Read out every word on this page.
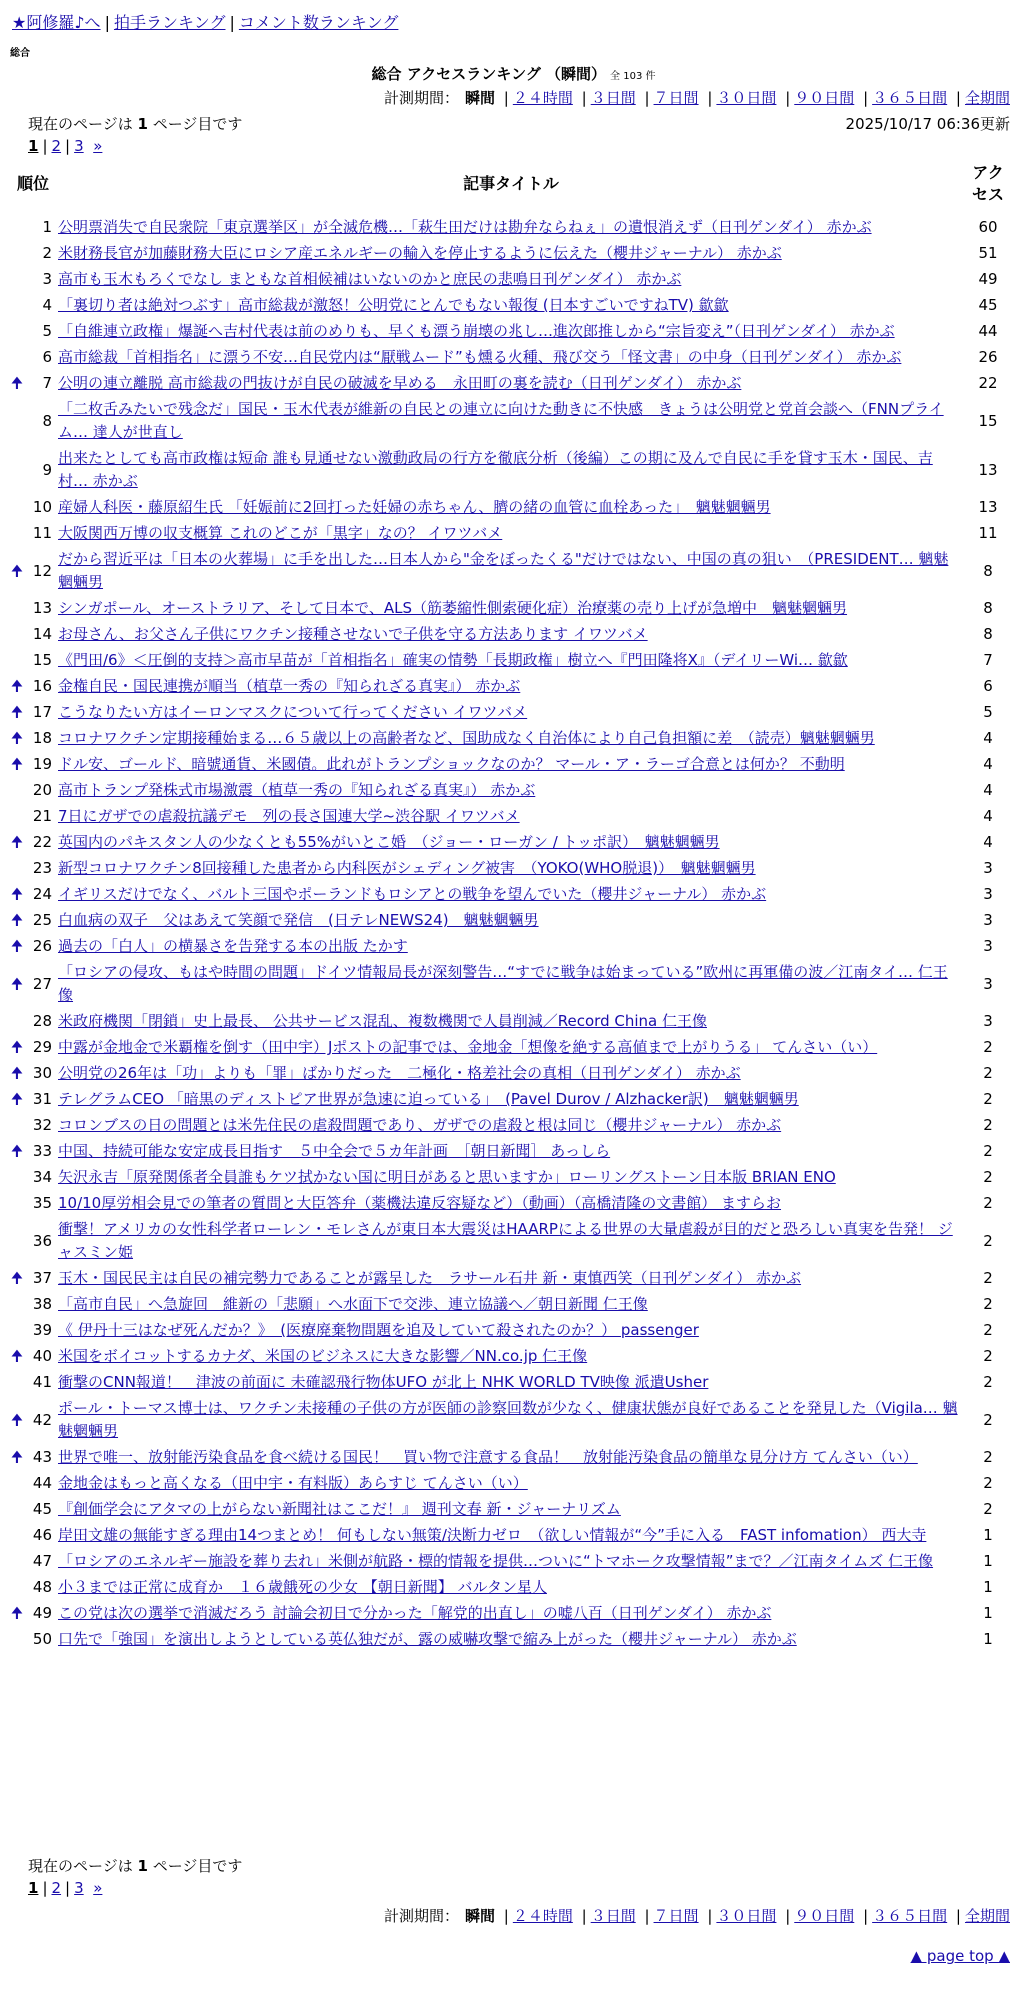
★阿修羅♪へ | 拍手ランキング | コメント数ランキング
総合
総合 アクセスランキング （瞬間） 全 103 件
計測期間： 瞬間 | ２４時間 | ３日間 | ７日間 | ３０日間 | ９０日間 | ３６５日間 | 全期間
現在のページは 1 ページ目です	2025/10/17 06:36更新
1 | 2 | 3 »
順位		記事タイトル	アクセス
	1	公明票消失で自民衆院「東京選挙区」が全滅危機…「萩生田だけは勘弁ならねぇ」の遺恨消えず（日刊ゲンダイ） 赤かぶ	60
	2	米財務長官が加藤財務大臣にロシア産エネルギーの輸入を停止するように伝えた（櫻井ジャーナル） 赤かぶ	51
	3	高市も玉木もろくでなし まともな首相候補はいないのかと庶民の悲鳴日刊ゲンダイ） 赤かぶ	49
	4	「裏切り者は絶対つぶす」高市総裁が激怒！公明党にとんでもない報復 (日本すごいですねTV) 歙歙	45
	5	「自維連立政権」爆誕へ吉村代表は前のめりも、早くも漂う崩壊の兆し…進次郎推しから“宗旨変え”（日刊ゲンダイ） 赤かぶ	44
	6	高市総裁「首相指名」に漂う不安…自民党内は“厭戦ムード”も燻る火種、飛び交う「怪文書」の中身（日刊ゲンダイ） 赤かぶ	26
🠉	7	公明の連立離脱 高市総裁の門抜けが自民の破滅を早める　永田町の裏を読む（日刊ゲンダイ） 赤かぶ	22
	8	「二枚舌みたいで残念だ」国民・玉木代表が維新の自民との連立に向けた動きに不快感　きょうは公明党と党首会談へ（FNNプライム… 達人が世直し	15
	9	出来たとしても高市政権は短命 誰も見通せない激動政局の行方を徹底分析（後編）この期に及んで自民に手を貸す玉木・国民、吉村… 赤かぶ	13
	10	産婦人科医・藤原紹生氏 「妊娠前に2回打った妊婦の赤ちゃん、臍の緒の血管に血栓あった」　魑魅魍魎男	13
	11	大阪関西万博の収支概算 これのどこが「黒字」なの？ イワツバメ	11
🠉	12	だから習近平は「日本の火葬場」に手を出した…日本人から"金をぼったくる"だけではない、中国の真の狙い　（PRESIDENT… 魑魅魍魎男	8
	13	シンガポール、オーストラリア、そして日本で、ALS（筋萎縮性側索硬化症）治療薬の売り上げが急増中　魑魅魍魎男	8
	14	お母さん、お父さん子供にワクチン接種させないで子供を守る方法あります イワツバメ	8
	15	《門田/6》＜圧倒的支持＞高市早苗が「首相指名」確実の情勢「長期政権」樹立へ『門田隆将X』（デイリーWi… 歙歙	7
🠉	16	金権自民・国民連携が順当（植草一秀の『知られざる真実』） 赤かぶ	6
🠉	17	こうなりたい方はイーロンマスクについて行ってください イワツバメ	5
🠉	18	コロナワクチン定期接種始まる…６５歳以上の高齢者など、国助成なく自治体により自己負担額に差　（読売）魑魅魍魎男	4
🠉	19	ドル安、ゴールド、暗號通貨、米國債。此れがトランプショックなのか？ マール・ア・ラーゴ合意とは何か？ 不動明	4
	20	高市トランプ発株式市場激震（植草一秀の『知られざる真実』） 赤かぶ	4
	21	7日にガザでの虐殺抗議デモ　列の長さ国連大学~渋谷駅 イワツバメ	4
🠉	22	英国内のパキスタン人の少なくとも55%がいとこ婚　（ジョー・ローガン / トッポ訳）　魑魅魍魎男	4
	23	新型コロナワクチン8回接種した患者から内科医がシェディング被害　（YOKO(WHO脱退)）　魑魅魍魎男	3
🠉	24	イギリスだけでなく、バルト三国やポーランドもロシアとの戦争を望んでいた（櫻井ジャーナル） 赤かぶ	3
🠉	25	白血病の双子　父はあえて笑顔で発信　(日テレNEWS24)　魑魅魍魎男	3
🠉	26	過去の「白人」の横暴さを告発する本の出版 たかす	3
🠉	27	「ロシアの侵攻、もはや時間の問題」ドイツ情報局長が深刻警告…“すでに戦争は始まっている”欧州に再軍備の波／江南タイ… 仁王像	3
	28	米政府機関「閉鎖」史上最長、 公共サービス混乱、複数機関で人員削減／Record China 仁王像	3
🠉	29	中露が金地金で米覇権を倒す（田中宇）Jポストの記事では、金地金「想像を絶する高値まで上がりうる」 てんさい（い）	2
🠉	30	公明党の26年は「功」よりも「罪」ばかりだった　二極化・格差社会の真相（日刊ゲンダイ） 赤かぶ	2
🠉	31	テレグラムCEO 「暗黒のディストピア世界が急速に迫っている」　(Pavel Durov / Alzhacker訳)　魑魅魍魎男	2
	32	コロンブスの日の問題とは米先住民の虐殺問題であり、ガザでの虐殺と根は同じ（櫻井ジャーナル） 赤かぶ	2
🠉	33	中国、持続可能な安定成長目指す　５中全会で５カ年計画　［朝日新聞］ あっしら	2
	34	矢沢永吉「原発関係者全員誰もケツ拭かない国に明日があると思いますか」ローリングストーン日本版 BRIAN ENO	2
	35	10/10厚労相会見での筆者の質問と大臣答弁（薬機法違反容疑など）（動画）（高橋清隆の文書館） ますらお	2
	36	衝撃！アメリカの女性科学者ローレン・モレさんが東日本大震災はHAARPによる世界の大量虐殺が目的だと恐ろしい真実を告発！ ジャスミン姫	2
🠉	37	玉木・国民民主は自民の補完勢力であることが露呈した　ラサール石井 新・東慎西笑（日刊ゲンダイ） 赤かぶ	2
	38	「高市自民」へ急旋回　維新の「悲願」へ水面下で交渉、連立協議へ／朝日新聞 仁王像	2
	39	《 伊丹十三はなぜ死んだか？》　(医療廃棄物問題を追及していて殺されたのか？） passenger	2
🠉	40	米国をボイコットするカナダ、米国のビジネスに大きな影響／NN.co.jp 仁王像	2
	41	衝撃のCNN報道！　津波の前面に 未確認飛行物体UFO が北上 NHK WORLD TV映像 派遣Usher	2
🠉	42	ポール・トーマス博士は、ワクチン未接種の子供の方が医師の診察回数が少なく、健康状態が良好であることを発見した（Vigila… 魑魅魍魎男	2
🠉	43	世界で唯一、放射能汚染食品を食べ続ける国民！　買い物で注意する食品！　放射能汚染食品の簡単な見分け方 てんさい（い）	2
	44	金地金はもっと高くなる（田中宇・有料版）あらすじ てんさい（い）	2
	45	『創価学会にアタマの上がらない新聞社はここだ！』 週刊文春 新・ジャーナリズム	2
	46	岸田文雄の無能すぎる理由14つまとめ！ 何もしない無策/決断力ゼロ　（欲しい情報が“今”手に入る　FAST infomation） 西大寺	1
	47	「ロシアのエネルギー施設を葬り去れ」米側が航路・標的情報を提供…ついに“トマホーク攻撃情報”まで？／江南タイムズ 仁王像	1
	48	小３までは正常に成育か　１６歳餓死の少女 【朝日新聞】 バルタン星人	1
🠉	49	この党は次の選挙で消滅だろう 討論会初日で分かった「解党的出直し」の嘘八百（日刊ゲンダイ） 赤かぶ	1
	50	口先で「強国」を演出しようとしている英仏独だが、露の威嚇攻撃で縮み上がった（櫻井ジャーナル） 赤かぶ	1
現在のページは 1 ページ目です
1 | 2 | 3 »
計測期間： 瞬間 | ２４時間 | ３日間 | ７日間 | ３０日間 | ９０日間 | ３６５日間 | 全期間
▲ page top ▲
